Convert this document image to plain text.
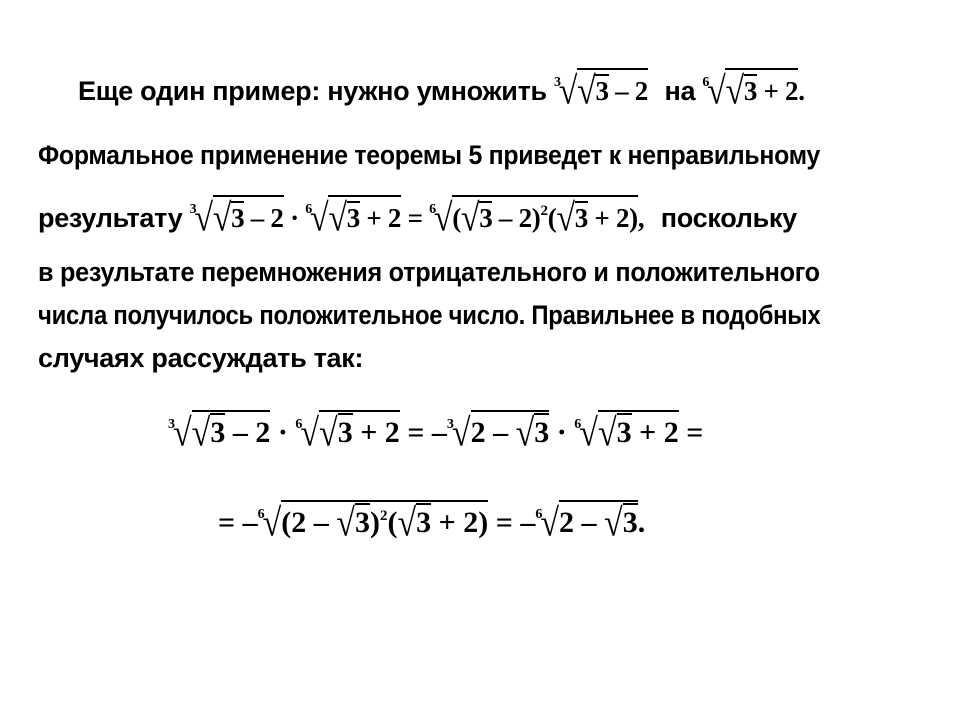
Еще один пример: нужно умножить $^3$√√3 – 2 на $^6$√√3 + 2.
Формальное применение теоремы 5 приведет к неправильному
результату $^3$√√3 – 2 · $^6$√√3 + 2 = $^6$√(√3 – 2)$^2$(√3 + 2), поскольку
в результате перемножения отрицательного и положительного
числа получилось положительное число. Правильнее в подобных
случаях рассуждать так:
$^3$√√3 – 2 · $^6$√√3 + 2 = –$^3$√2 – √3 · $^6$√√3 + 2 =
= –$^6$√(2 – √3)$^2$(√3 + 2) = –$^6$√2 – √3.
